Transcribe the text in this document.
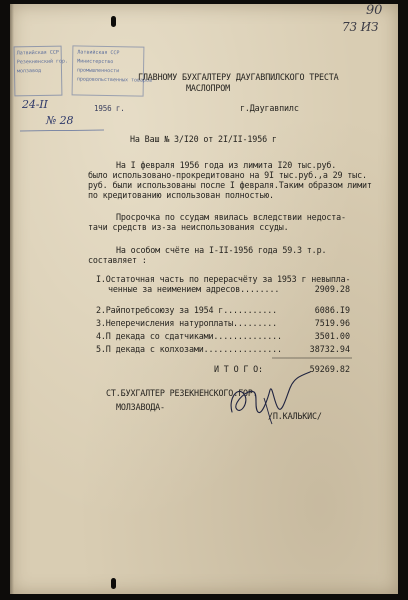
90
73 ИЗ
Латвийская ССР
Резекненский гор.
молзавод
Латвийская ССР
Министерство
промышленности
продовольственных товаров
24-II	1956 г.
№ 28
ГЛАВНОМУ БУХГАЛТЕРУ ДАУГАВПИЛСКОГО ТРЕСТА
МАСЛОПРОМ
г.Даугавпилс
На Ваш № З/I20 от 2I/II-1956 г
На I февраля 1956 года из лимита I20 тыс.руб.
было использовано-прокредитовано на 9I тыс.руб.,а 29 тыс.
руб. были использованы после I февраля.Таким образом лимит
по кредитованию использован полностью.
Просрочка по ссудам явилась вследствии недоста-
тачи средств из-за неиспользования ссуды.
На особом счёте на I-II-1956 года 59.3 т.р.
составляет :
I.Остаточная часть по перерасчёту за 1953 г невыпла-
ченные за неимением адресов........	2909.28
2.Райпотребсоюзу за 1954 г...........	6086.I9
3.Неперечисления натуроплаты.........	7519.96
4.П декада со сдатчиками..............	3501.00
5.П декада с колхозами................	38732.94
И Т О Г О:	59269.82
СТ.БУХГАЛТЕР РЕЗЕКНЕНСКОГО.ГОР.
МОЛЗАВОДА-
/П.КАЛЬКИС/
